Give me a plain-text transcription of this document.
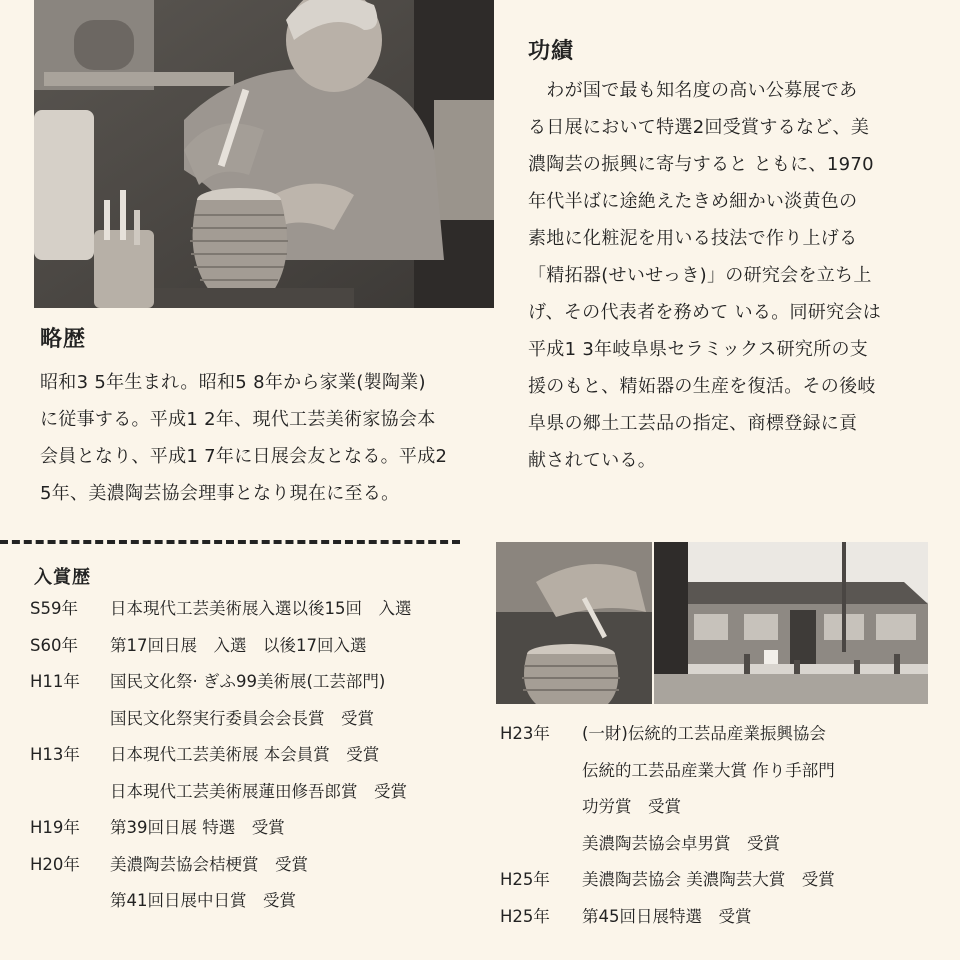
略歴

昭和3 5年生まれ。昭和5 8年から家業(製陶業)
に従事する。平成1 2年、現代工芸美術家協会本
会員となり、平成1 7年に日展会友となる。平成2
5年、美濃陶芸協会理事となり現在に至る。

功績

　わが国で最も知名度の高い公募展であ
る日展において特選2回受賞するなど、美
濃陶芸の振興に寄与すると ともに、1970
年代半ばに途絶えたきめ細かい淡黄色の
素地に化粧泥を用いる技法で作り上げる
「精拓器(せいせっき)」の研究会を立ち上
げ、その代表者を務めて いる。同研究会は
平成1 3年岐阜県セラミックス研究所の支
援のもと、精妬器の生産を復活。その後岐
阜県の郷土工芸品の指定、商標登録に貢
献されている。

入賞歴
S59年 日本現代工芸美術展入選以後15回　入選
S60年 第17回日展　入選　以後17回入選
H11年 国民文化祭· ぎふ99美術展(工芸部門)
国民文化祭実行委員会会長賞　受賞
H13年 日本現代工芸美術展 本会員賞　受賞
日本現代工芸美術展蓮田修吾郎賞　受賞
H19年 第39回日展 特選　受賞
H20年 美濃陶芸協会桔梗賞　受賞
第41回日展中日賞　受賞
H23年 (一財)伝統的工芸品産業振興協会
伝統的工芸品産業大賞 作り手部門
功労賞　受賞
美濃陶芸協会卓男賞　受賞
H25年 美濃陶芸協会 美濃陶芸大賞　受賞
H25年 第45回日展特選　受賞
